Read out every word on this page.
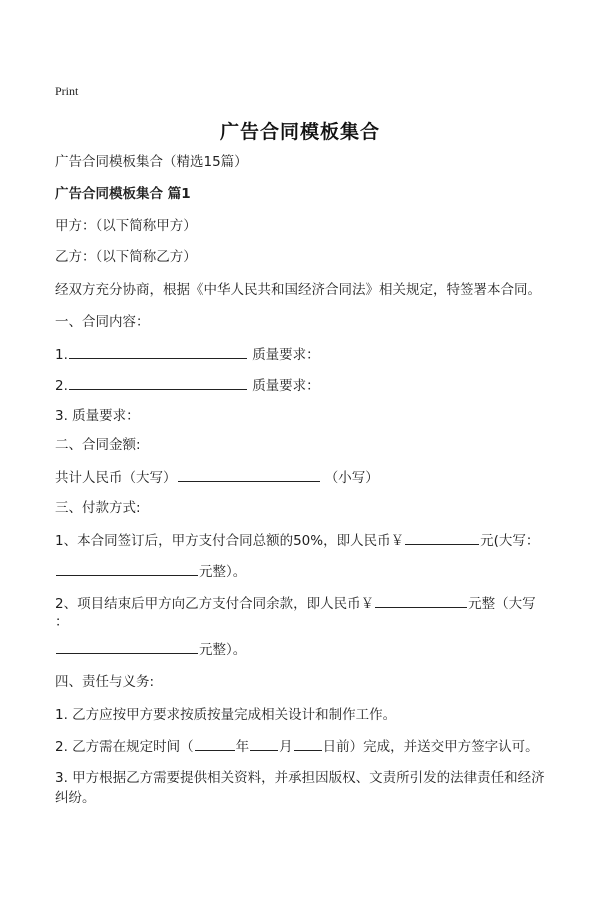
Print
广告合同模板集合
广告合同模板集合（精选15篇）
广告合同模板集合 篇1
甲方：（以下简称甲方）
乙方：（以下简称乙方）
经双方充分协商，根据《中华人民共和国经济合同法》相关规定，特签署本合同。
一、合同内容：
1.	质量要求：
2.	质量要求：
3. 质量要求：
二、合同金额:
共计人民币（大写）	（小写）
三、付款方式:
1、本合同签订后，甲方支付合同总额的50%，即人民币￥	元(大写：
元整）。
2、项目结束后甲方向乙方支付合同余款，即人民币￥	元整（大写
：
元整）。
四、责任与义务:
1. 乙方应按甲方要求按质按量完成相关设计和制作工作。
2. 乙方需在规定时间（	年 月 日前）完成，并送交甲方签字认可。
3. 甲方根据乙方需要提供相关资料，并承担因版权、文责所引发的法律责任和经济
纠纷。
